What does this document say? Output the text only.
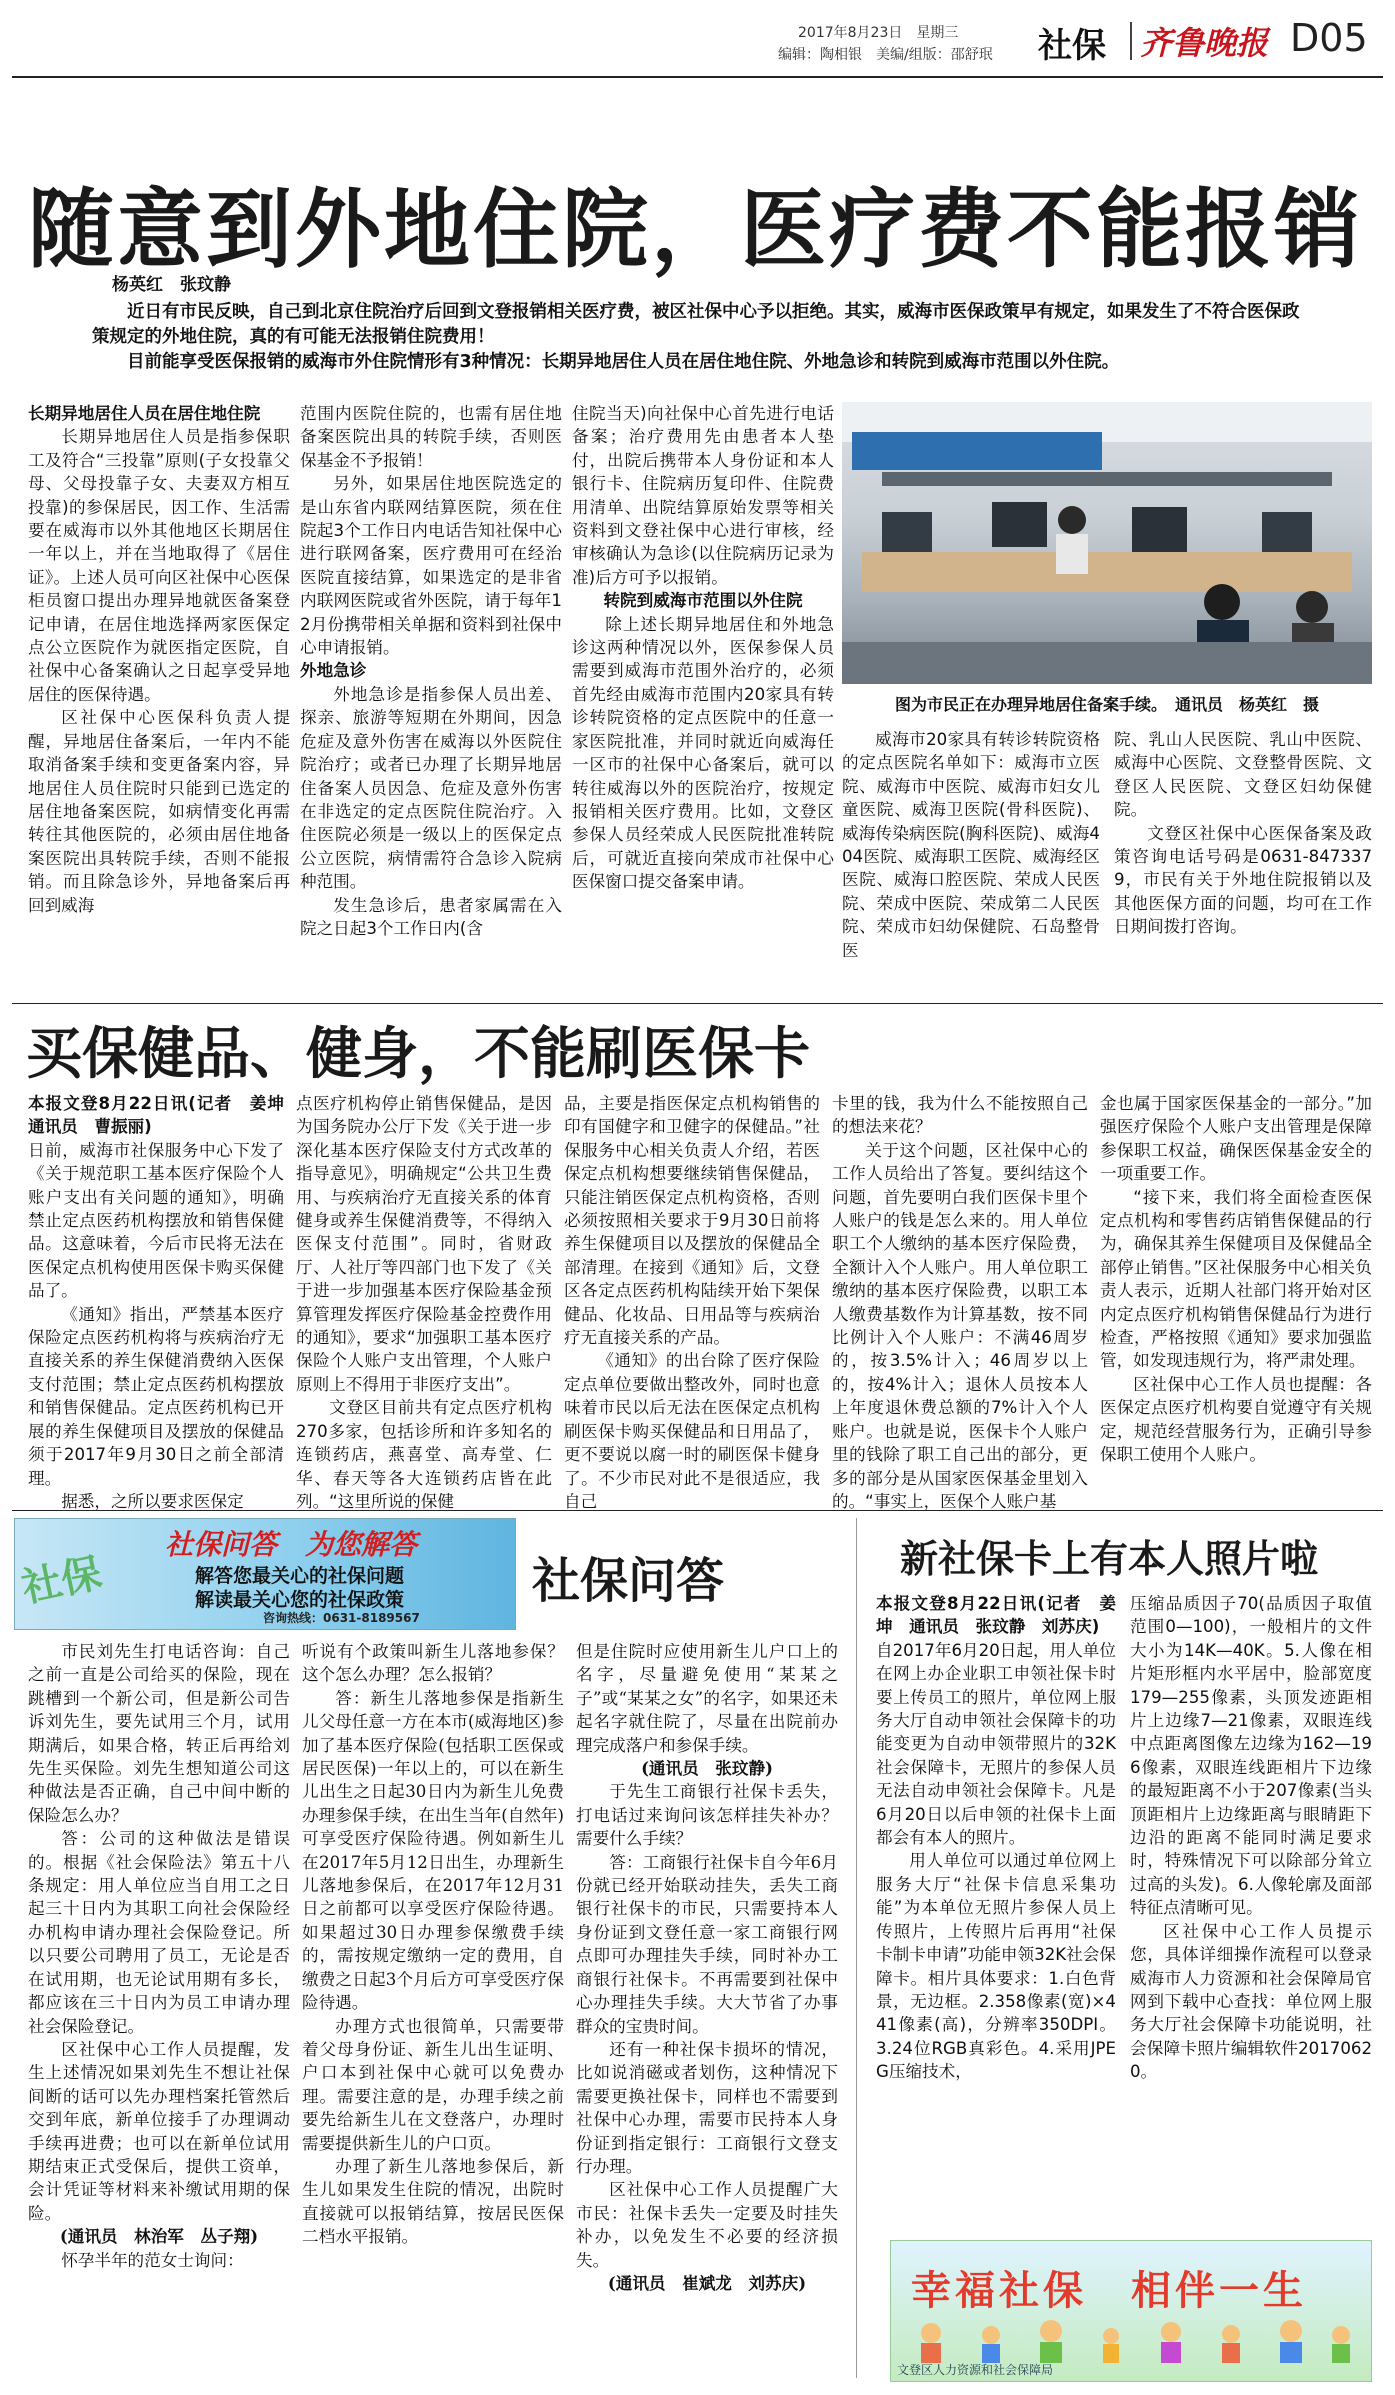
2017年8月23日　星期三
编辑：陶相银　美编/组版：邵舒珉 社保 齐鲁晚报 D05
随意到外地住院，医疗费不能报销
杨英红　张玟静
近日有市民反映，自己到北京住院治疗后回到文登报销相关医疗费，被区社保中心予以拒绝。其实，威海市医保政策早有规定，如果发生了不符合医保政策规定的外地住院，真的有可能无法报销住院费用！
目前能享受医保报销的威海市外住院情形有3种情况：长期异地居住人员在居住地住院、外地急诊和转院到威海市范围以外住院。

长期异地居住人员在居住地住院

长期异地居住人员是指参保职工及符合“三投靠”原则(子女投靠父母、父母投靠子女、夫妻双方相互投靠)的参保居民，因工作、生活需要在威海市以外其他地区长期居住一年以上，并在当地取得了《居住证》。上述人员可向区社保中心医保柜员窗口提出办理异地就医备案登记申请，在居住地选择两家医保定点公立医院作为就医指定医院，自社保中心备案确认之日起享受异地居住的医保待遇。

区社保中心医保科负责人提醒，异地居住备案后，一年内不能取消备案手续和变更备案内容，异地居住人员住院时只能到已选定的居住地备案医院，如病情变化再需转往其他医院的，必须由居住地备案医院出具转院手续，否则不能报销。而且除急诊外，异地备案后再回到威海

范围内医院住院的，也需有居住地备案医院出具的转院手续，否则医保基金不予报销！

另外，如果居住地医院选定的是山东省内联网结算医院，须在住院起3个工作日内电话告知社保中心进行联网备案，医疗费用可在经治医院直接结算，如果选定的是非省内联网医院或省外医院，请于每年12月份携带相关单据和资料到社保中心申请报销。

外地急诊

外地急诊是指参保人员出差、探亲、旅游等短期在外期间，因急危症及意外伤害在威海以外医院住院治疗；或者已办理了长期异地居住备案人员因急、危症及意外伤害在非选定的定点医院住院治疗。入住医院必须是一级以上的医保定点公立医院，病情需符合急诊入院病种范围。

发生急诊后，患者家属需在入院之日起3个工作日内(含

住院当天)向社保中心首先进行电话备案；治疗费用先由患者本人垫付，出院后携带本人身份证和本人银行卡、住院病历复印件、住院费用清单、出院结算原始发票等相关资料到文登社保中心进行审核，经审核确认为急诊(以住院病历记录为准)后方可予以报销。

转院到威海市范围以外住院

除上述长期异地居住和外地急诊这两种情况以外，医保参保人员需要到威海市范围外治疗的，必须首先经由威海市范围内20家具有转诊转院资格的定点医院中的任意一家医院批准，并同时就近向威海任一区市的社保中心备案后，就可以转往威海以外的医院治疗，按规定报销相关医疗费用。比如，文登区参保人员经荣成人民医院批准转院后，可就近直接向荣成市社保中心医保窗口提交备案申请。

图为市民正在办理异地居住备案手续。　通讯员　杨英红　摄

威海市20家具有转诊转院资格的定点医院名单如下：威海市立医院、威海市中医院、威海市妇女儿童医院、威海卫医院(骨科医院)、威海传染病医院(胸科医院)、威海404医院、威海职工医院、威海经区医院、威海口腔医院、荣成人民医院、荣成中医院、荣成第二人民医院、荣成市妇幼保健院、石岛整骨医

院、乳山人民医院、乳山中医院、威海中心医院、文登整骨医院、文登区人民医院、文登区妇幼保健院。

文登区社保中心医保备案及政策咨询电话号码是0631-8473379，市民有关于外地住院报销以及其他医保方面的问题，均可在工作日期间拨打咨询。

买保健品、健身，不能刷医保卡

本报文登8月22日讯(记者　姜坤　通讯员　曹振丽)

日前，威海市社保服务中心下发了《关于规范职工基本医疗保险个人账户支出有关问题的通知》，明确禁止定点医药机构摆放和销售保健品。这意味着，今后市民将无法在医保定点机构使用医保卡购买保健品了。

《通知》指出，严禁基本医疗保险定点医药机构将与疾病治疗无直接关系的养生保健消费纳入医保支付范围；禁止定点医药机构摆放和销售保健品。定点医药机构已开展的养生保健项目及摆放的保健品须于2017年9月30日之前全部清理。

据悉，之所以要求医保定

点医疗机构停止销售保健品，是因为国务院办公厅下发《关于进一步深化基本医疗保险支付方式改革的指导意见》，明确规定“公共卫生费用、与疾病治疗无直接关系的体育健身或养生保健消费等，不得纳入医保支付范围”。同时，省财政厅、人社厅等四部门也下发了《关于进一步加强基本医疗保险基金预算管理发挥医疗保险基金控费作用的通知》，要求“加强职工基本医疗保险个人账户支出管理，个人账户原则上不得用于非医疗支出”。

文登区目前共有定点医疗机构270多家，包括诊所和许多知名的连锁药店，燕喜堂、高寿堂、仁华、春天等各大连锁药店皆在此列。“这里所说的保健

品，主要是指医保定点机构销售的印有国健字和卫健字的保健品。”社保服务中心相关负责人介绍，若医保定点机构想要继续销售保健品，只能注销医保定点机构资格，否则必须按照相关要求于9月30日前将养生保健项目以及摆放的保健品全部清理。在接到《通知》后，文登区各定点医药机构陆续开始下架保健品、化妆品、日用品等与疾病治疗无直接关系的产品。

《通知》的出台除了医疗保险定点单位要做出整改外，同时也意味着市民以后无法在医保定点机构刷医保卡购买保健品和日用品了，更不要说以腐一时的刷医保卡健身了。不少市民对此不是很适应，我自己

卡里的钱，我为什么不能按照自己的想法来花？

关于这个问题，区社保中心的工作人员给出了答复。要纠结这个问题，首先要明白我们医保卡里个人账户的钱是怎么来的。用人单位职工个人缴纳的基本医疗保险费，全额计入个人账户。用人单位职工缴纳的基本医疗保险费，以职工本人缴费基数作为计算基数，按不同比例计入个人账户：不满46周岁的，按3.5%计入；46周岁以上的，按4%计入；退休人员按本人上年度退休费总额的7%计入个人账户。也就是说，医保卡个人账户里的钱除了职工自己出的部分，更多的部分是从国家医保基金里划入的。“事实上，医保个人账户基

金也属于国家医保基金的一部分。”加强医疗保险个人账户支出管理是保障参保职工权益，确保医保基金安全的一项重要工作。

“接下来，我们将全面检查医保定点机构和零售药店销售保健品的行为，确保其养生保健项目及保健品全部停止销售。”区社保服务中心相关负责人表示，近期人社部门将开始对区内定点医疗机构销售保健品行为进行检查，严格按照《通知》要求加强监管，如发现违规行为，将严肃处理。

区社保中心工作人员也提醒：各医保定点医疗机构要自觉遵守有关规定，规范经营服务行为，正确引导参保职工使用个人账户。

社保
社保问答　为您解答
解答您最关心的社保问题
解读最关心您的社保政策
咨询热线：0631-8189567
社保问答

市民刘先生打电话咨询：自己之前一直是公司给买的保险，现在跳槽到一个新公司，但是新公司告诉刘先生，要先试用三个月，试用期满后，如果合格，转正后再给刘先生买保险。刘先生想知道公司这种做法是否正确，自己中间中断的保险怎么办？

答：公司的这种做法是错误的。根据《社会保险法》第五十八条规定：用人单位应当自用工之日起三十日内为其职工向社会保险经办机构申请办理社会保险登记。所以只要公司聘用了员工，无论是否在试用期，也无论试用期有多长，都应该在三十日内为员工申请办理社会保险登记。

区社保中心工作人员提醒，发生上述情况如果刘先生不想让社保间断的话可以先办理档案托管然后交到年底，新单位接手了办理调动手续再进费；也可以在新单位试用期结束正式受保后，提供工资单，会计凭证等材料来补缴试用期的保险。

(通讯员　林治军　丛子翔)

怀孕半年的范女士询问：

听说有个政策叫新生儿落地参保？这个怎么办理？怎么报销？

答：新生儿落地参保是指新生儿父母任意一方在本市(威海地区)参加了基本医疗保险(包括职工医保或居民医保)一年以上的，可以在新生儿出生之日起30日内为新生儿免费办理参保手续，在出生当年(自然年)可享受医疗保险待遇。例如新生儿在2017年5月12日出生，办理新生儿落地参保后，在2017年12月31日之前都可以享受医疗保险待遇。如果超过30日办理参保缴费手续的，需按规定缴纳一定的费用，自缴费之日起3个月后方可享受医疗保险待遇。

办理方式也很简单，只需要带着父母身份证、新生儿出生证明、户口本到社保中心就可以免费办理。需要注意的是，办理手续之前要先给新生儿在文登落户，办理时需要提供新生儿的户口页。

办理了新生儿落地参保后，新生儿如果发生住院的情况，出院时直接就可以报销结算，按居民医保二档水平报销。

但是住院时应使用新生儿户口上的名字，尽量避免使用“某某之子”或“某某之女”的名字，如果还未起名字就住院了，尽量在出院前办理完成落户和参保手续。

(通讯员　张玟静)

于先生工商银行社保卡丢失，打电话过来询问该怎样挂失补办？需要什么手续？

答：工商银行社保卡自今年6月份就已经开始联动挂失，丢失工商银行社保卡的市民，只需要持本人身份证到文登任意一家工商银行网点即可办理挂失手续，同时补办工商银行社保卡。不再需要到社保中心办理挂失手续。大大节省了办事群众的宝贵时间。

还有一种社保卡损坏的情况，比如说消磁或者划伤，这种情况下需要更换社保卡，同样也不需要到社保中心办理，需要市民持本人身份证到指定银行：工商银行文登支行办理。

区社保中心工作人员提醒广大市民：社保卡丢失一定要及时挂失补办，以免发生不必要的经济损失。

(通讯员　崔斌龙　刘苏庆)

新社保卡上有本人照片啦

本报文登8月22日讯(记者　姜坤　通讯员　张玟静　刘苏庆)

自2017年6月20日起，用人单位在网上办企业职工申领社保卡时要上传员工的照片，单位网上服务大厅自动申领社会保障卡的功能变更为自动申领带照片的32K社会保障卡，无照片的参保人员无法自动申领社会保障卡。凡是6月20日以后申领的社保卡上面都会有本人的照片。

用人单位可以通过单位网上服务大厅“社保卡信息采集功能”为本单位无照片参保人员上传照片，上传照片后再用“社保卡制卡申请”功能申领32K社会保障卡。相片具体要求：1.白色背景，无边框。2.358像素(宽)×441像素(高)，分辨率350DPI。3.24位RGB真彩色。4.采用JPEG压缩技术，

压缩品质因子70(品质因子取值范围0—100)，一般相片的文件大小为14K—40K。5.人像在相片矩形框内水平居中，脸部宽度179—255像素，头顶发迹距相片上边缘7—21像素，双眼连线中点距离图像左边缘为162—196像素，双眼连线距相片下边缘的最短距离不小于207像素(当头顶距相片上边缘距离与眼睛距下边沿的距离不能同时满足要求时，特殊情况下可以除部分耸立过高的头发)。6.人像轮廓及面部特征点清晰可见。

区社保中心工作人员提示您，具体详细操作流程可以登录威海市人力资源和社会保障局官网到下载中心查找：单位网上服务大厅社会保障卡功能说明，社会保障卡照片编辑软件20170620。

幸福社保　相伴一生
文登区人力资源和社会保障局
